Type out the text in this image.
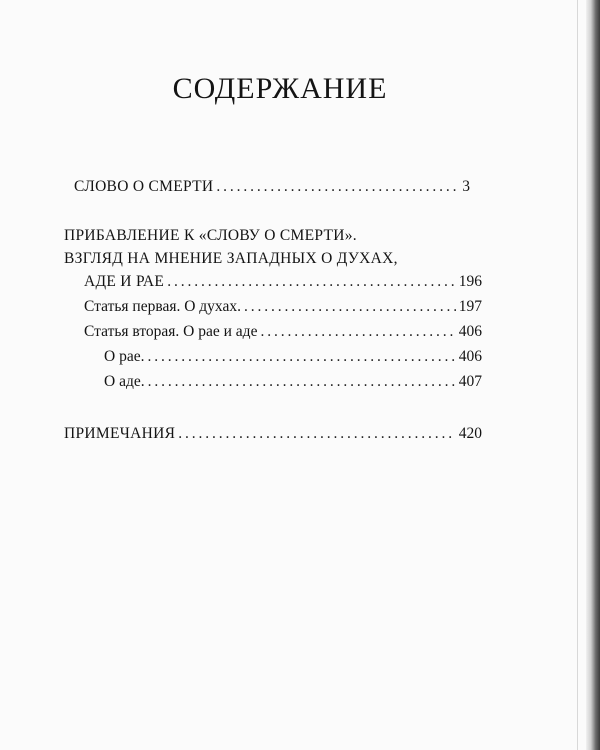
СОДЕРЖАНИЕ
СЛОВО О СМЕРТИ . . .	3
ПРИБАВЛЕНИЕ К «СЛОВУ О СМЕРТИ».
ВЗГЛЯД НА МНЕНИЕ ЗАПАДНЫХ О ДУХАХ,
АДЕ И РАЕ . . .	196
Статья первая. О духах. . . .	197
Статья вторая. О рае и аде . . .	406
О рае. . . .	406
О аде. . . .	407
ПРИМЕЧАНИЯ . . .	420
